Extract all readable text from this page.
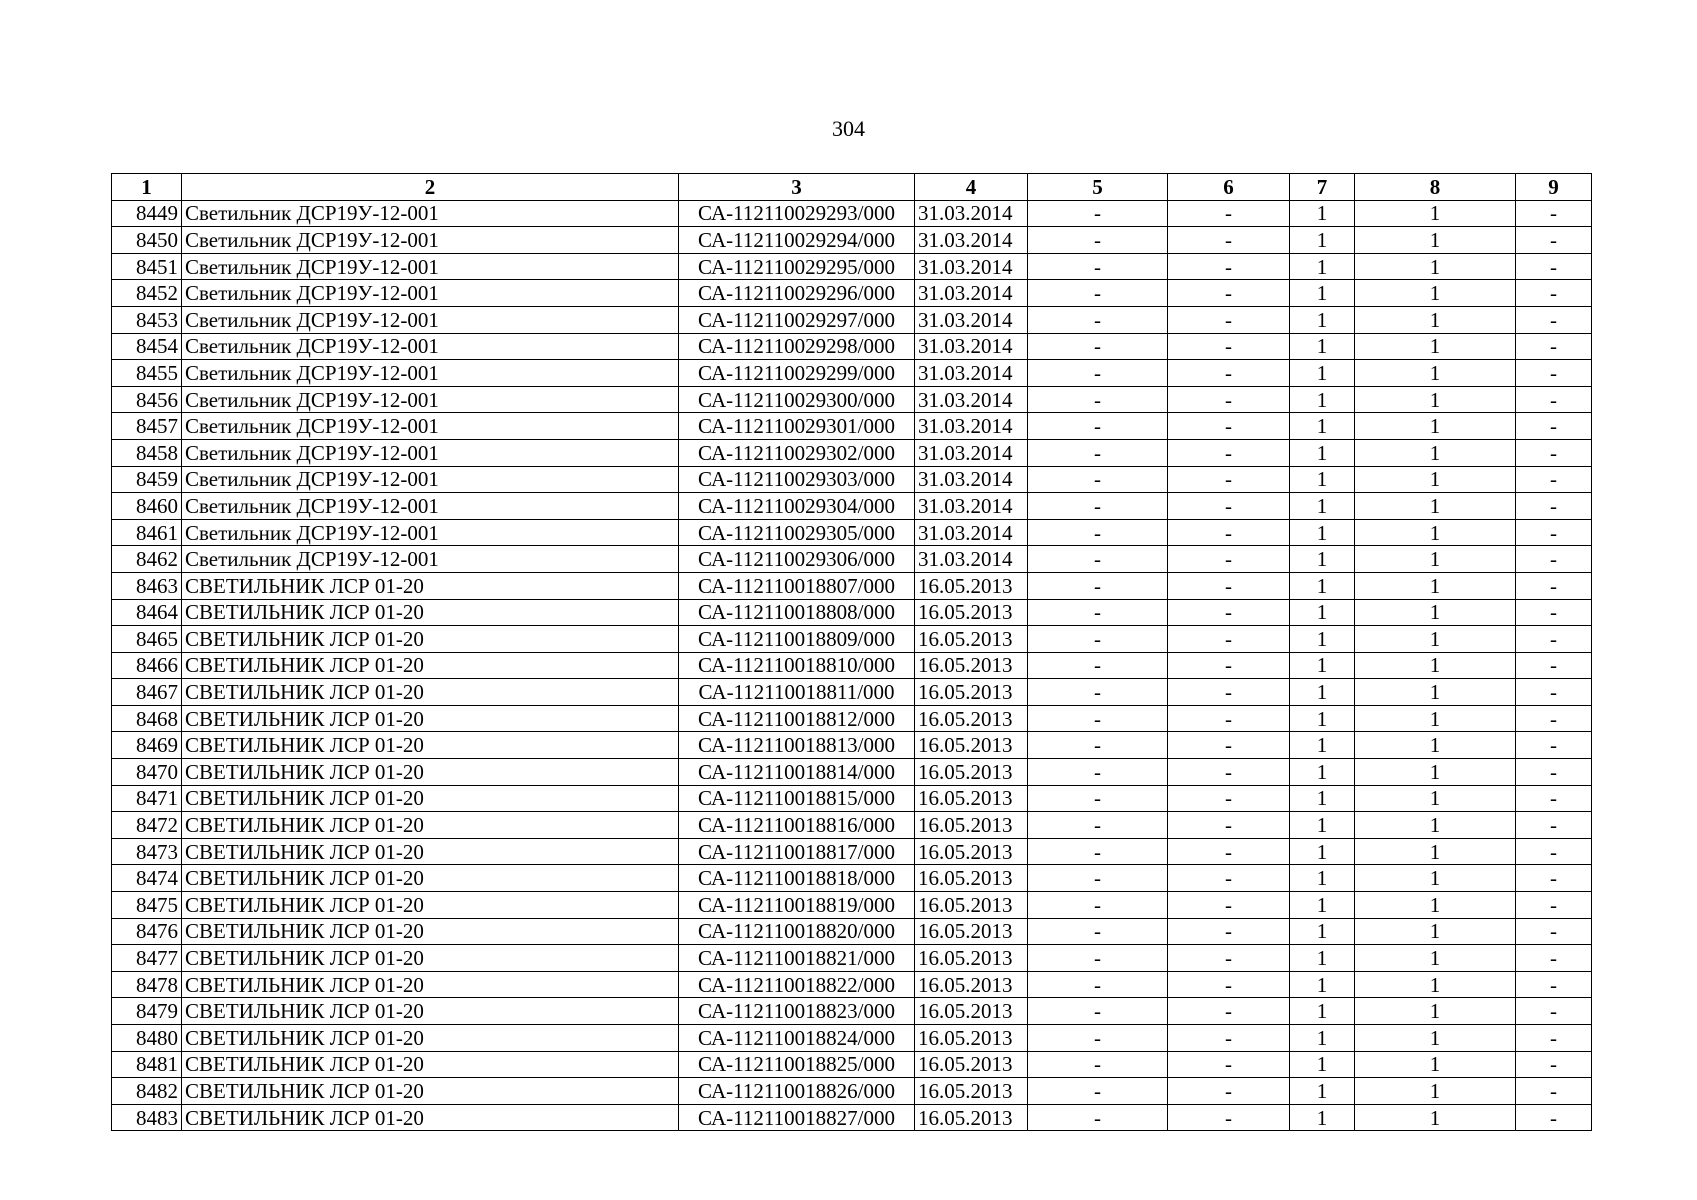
304
1	2	3	4	5	6	7	8	9
8449	Светильник ДСР19У-12-001	СА-112110029293/000	31.03.2014	-	-	1	1	-
8450	Светильник ДСР19У-12-001	СА-112110029294/000	31.03.2014	-	-	1	1	-
8451	Светильник ДСР19У-12-001	СА-112110029295/000	31.03.2014	-	-	1	1	-
8452	Светильник ДСР19У-12-001	СА-112110029296/000	31.03.2014	-	-	1	1	-
8453	Светильник ДСР19У-12-001	СА-112110029297/000	31.03.2014	-	-	1	1	-
8454	Светильник ДСР19У-12-001	СА-112110029298/000	31.03.2014	-	-	1	1	-
8455	Светильник ДСР19У-12-001	СА-112110029299/000	31.03.2014	-	-	1	1	-
8456	Светильник ДСР19У-12-001	СА-112110029300/000	31.03.2014	-	-	1	1	-
8457	Светильник ДСР19У-12-001	СА-112110029301/000	31.03.2014	-	-	1	1	-
8458	Светильник ДСР19У-12-001	СА-112110029302/000	31.03.2014	-	-	1	1	-
8459	Светильник ДСР19У-12-001	СА-112110029303/000	31.03.2014	-	-	1	1	-
8460	Светильник ДСР19У-12-001	СА-112110029304/000	31.03.2014	-	-	1	1	-
8461	Светильник ДСР19У-12-001	СА-112110029305/000	31.03.2014	-	-	1	1	-
8462	Светильник ДСР19У-12-001	СА-112110029306/000	31.03.2014	-	-	1	1	-
8463	СВЕТИЛЬНИК ЛСР 01-20	СА-112110018807/000	16.05.2013	-	-	1	1	-
8464	СВЕТИЛЬНИК ЛСР 01-20	СА-112110018808/000	16.05.2013	-	-	1	1	-
8465	СВЕТИЛЬНИК ЛСР 01-20	СА-112110018809/000	16.05.2013	-	-	1	1	-
8466	СВЕТИЛЬНИК ЛСР 01-20	СА-112110018810/000	16.05.2013	-	-	1	1	-
8467	СВЕТИЛЬНИК ЛСР 01-20	СА-112110018811/000	16.05.2013	-	-	1	1	-
8468	СВЕТИЛЬНИК ЛСР 01-20	СА-112110018812/000	16.05.2013	-	-	1	1	-
8469	СВЕТИЛЬНИК ЛСР 01-20	СА-112110018813/000	16.05.2013	-	-	1	1	-
8470	СВЕТИЛЬНИК ЛСР 01-20	СА-112110018814/000	16.05.2013	-	-	1	1	-
8471	СВЕТИЛЬНИК ЛСР 01-20	СА-112110018815/000	16.05.2013	-	-	1	1	-
8472	СВЕТИЛЬНИК ЛСР 01-20	СА-112110018816/000	16.05.2013	-	-	1	1	-
8473	СВЕТИЛЬНИК ЛСР 01-20	СА-112110018817/000	16.05.2013	-	-	1	1	-
8474	СВЕТИЛЬНИК ЛСР 01-20	СА-112110018818/000	16.05.2013	-	-	1	1	-
8475	СВЕТИЛЬНИК ЛСР 01-20	СА-112110018819/000	16.05.2013	-	-	1	1	-
8476	СВЕТИЛЬНИК ЛСР 01-20	СА-112110018820/000	16.05.2013	-	-	1	1	-
8477	СВЕТИЛЬНИК ЛСР 01-20	СА-112110018821/000	16.05.2013	-	-	1	1	-
8478	СВЕТИЛЬНИК ЛСР 01-20	СА-112110018822/000	16.05.2013	-	-	1	1	-
8479	СВЕТИЛЬНИК ЛСР 01-20	СА-112110018823/000	16.05.2013	-	-	1	1	-
8480	СВЕТИЛЬНИК ЛСР 01-20	СА-112110018824/000	16.05.2013	-	-	1	1	-
8481	СВЕТИЛЬНИК ЛСР 01-20	СА-112110018825/000	16.05.2013	-	-	1	1	-
8482	СВЕТИЛЬНИК ЛСР 01-20	СА-112110018826/000	16.05.2013	-	-	1	1	-
8483	СВЕТИЛЬНИК ЛСР 01-20	СА-112110018827/000	16.05.2013	-	-	1	1	-
